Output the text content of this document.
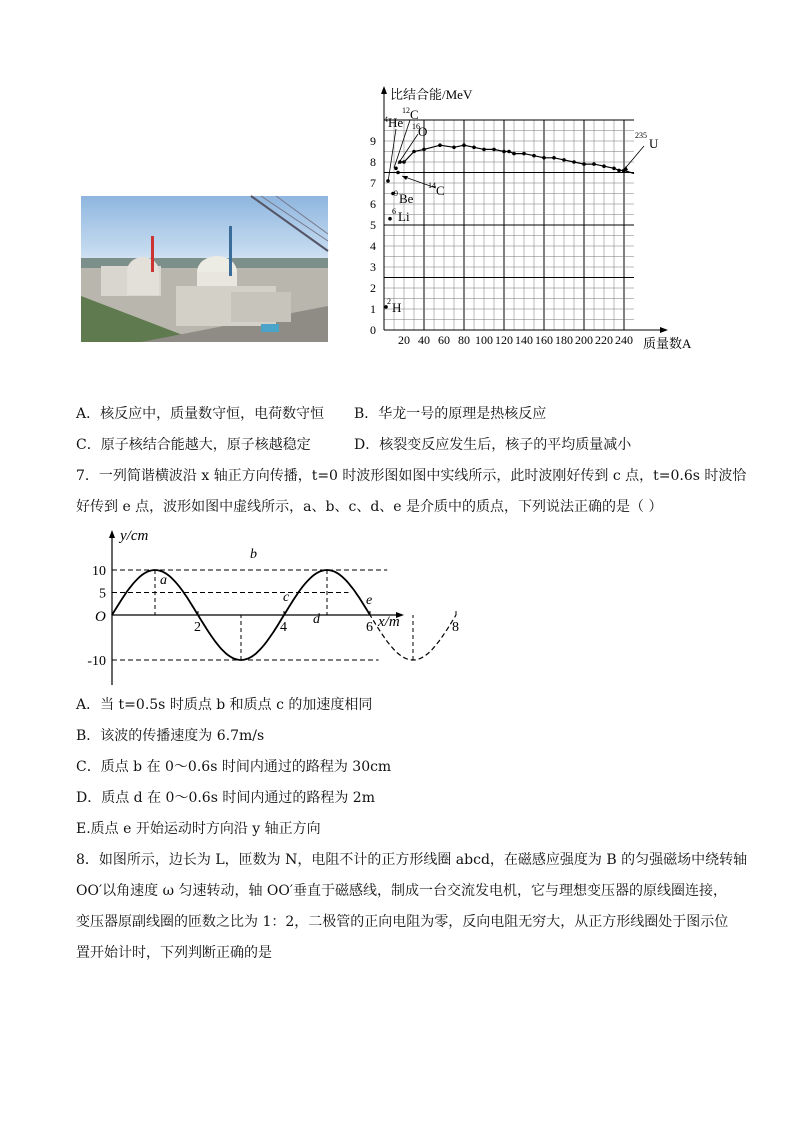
比结合能/MeV
质量数A
0
1
2
3
4
5
6
7
8
9
20 40 60 80 100 120 140 160 180 200 220 240
4 He
12 C
16
O	235
U
14 C
9 Be
6 Li
2 H
A．核反应中，质量数守恒，电荷数守恒 B．华龙一号的原理是热核反应
C．原子核结合能越大，原子核越稳定	D．核裂变反应发生后，核子的平均质量减小
7．一列简谐横波沿 x 轴正方向传播，t=0 时波形图如图中实线所示，此时波刚好传到 c 点，t=0.6s 时波恰
好传到 e 点，波形如图中虚线所示，a、b、c、d、e 是介质中的质点，下列说法正确的是（ ）
y/cm
x/m
O
10
5
-10
2	4	6	8
a
b
c
d
e
A．当 t=0.5s 时质点 b 和质点 c 的加速度相同
B．该波的传播速度为 6.7m/s
C．质点 b 在 0～0.6s 时间内通过的路程为 30cm
D．质点 d 在 0～0.6s 时间内通过的路程为 2m
E.质点 e 开始运动时方向沿 y 轴正方向
8．如图所示，边长为 L，匝数为 N，电阻不计的正方形线圈 abcd，在磁感应强度为 B 的匀强磁场中绕转轴
OO′以角速度 ω 匀速转动，轴 OO′垂直于磁感线，制成一台交流发电机，它与理想变压器的原线圈连接，
变压器原副线圈的匝数之比为 1：2，二极管的正向电阻为零，反向电阻无穷大，从正方形线圈处于图示位
置开始计时，下列判断正确的是
